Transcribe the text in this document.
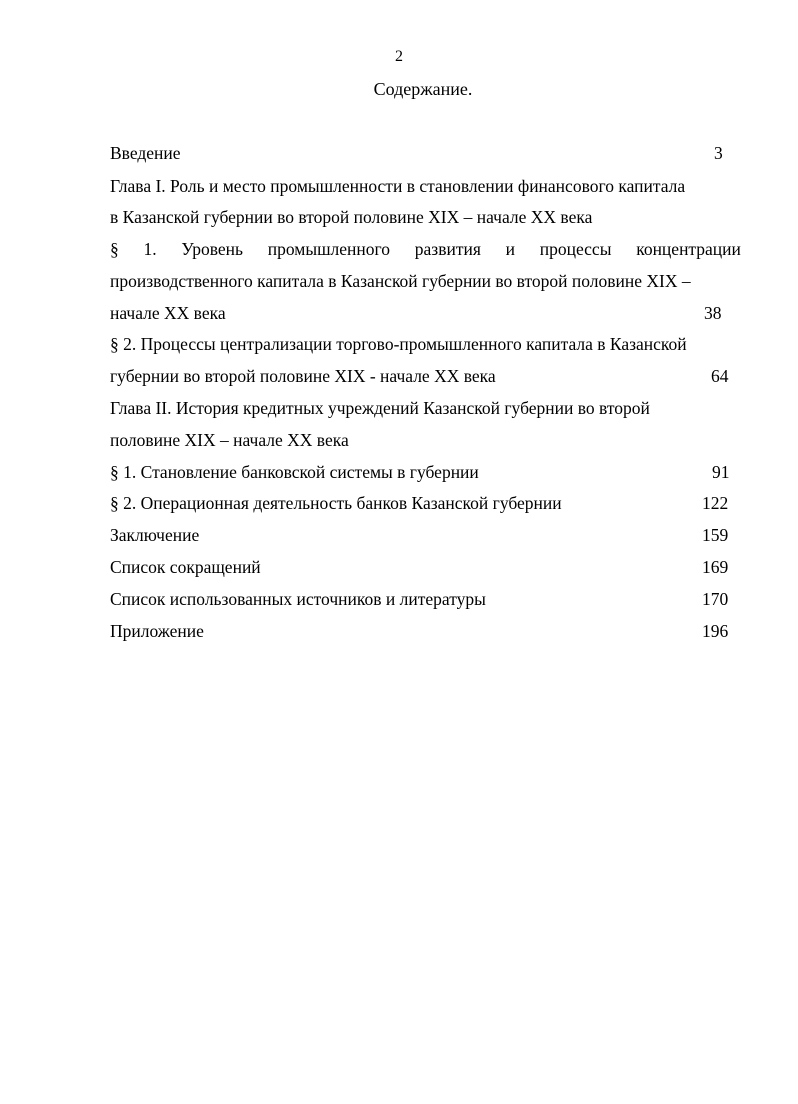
2
Содержание.
Введение	3
Глава I. Роль и место промышленности в становлении финансового капитала
в Казанской губернии во второй половине XIX – начале XX века
§ 1. Уровень промышленного развития и процессы концентрации
производственного капитала в Казанской губернии во второй половине XIX –
начале XX века	38
§ 2. Процессы централизации торгово-промышленного капитала в Казанской
губернии во второй половине XIX - начале XX века	64
Глава II. История кредитных учреждений Казанской губернии во второй
половине XIX – начале XX века
§ 1. Становление банковской системы в губернии	91
§ 2. Операционная деятельность банков Казанской губернии	122
Заключение	159
Список сокращений	169
Список использованных источников и литературы	170
Приложение	196
